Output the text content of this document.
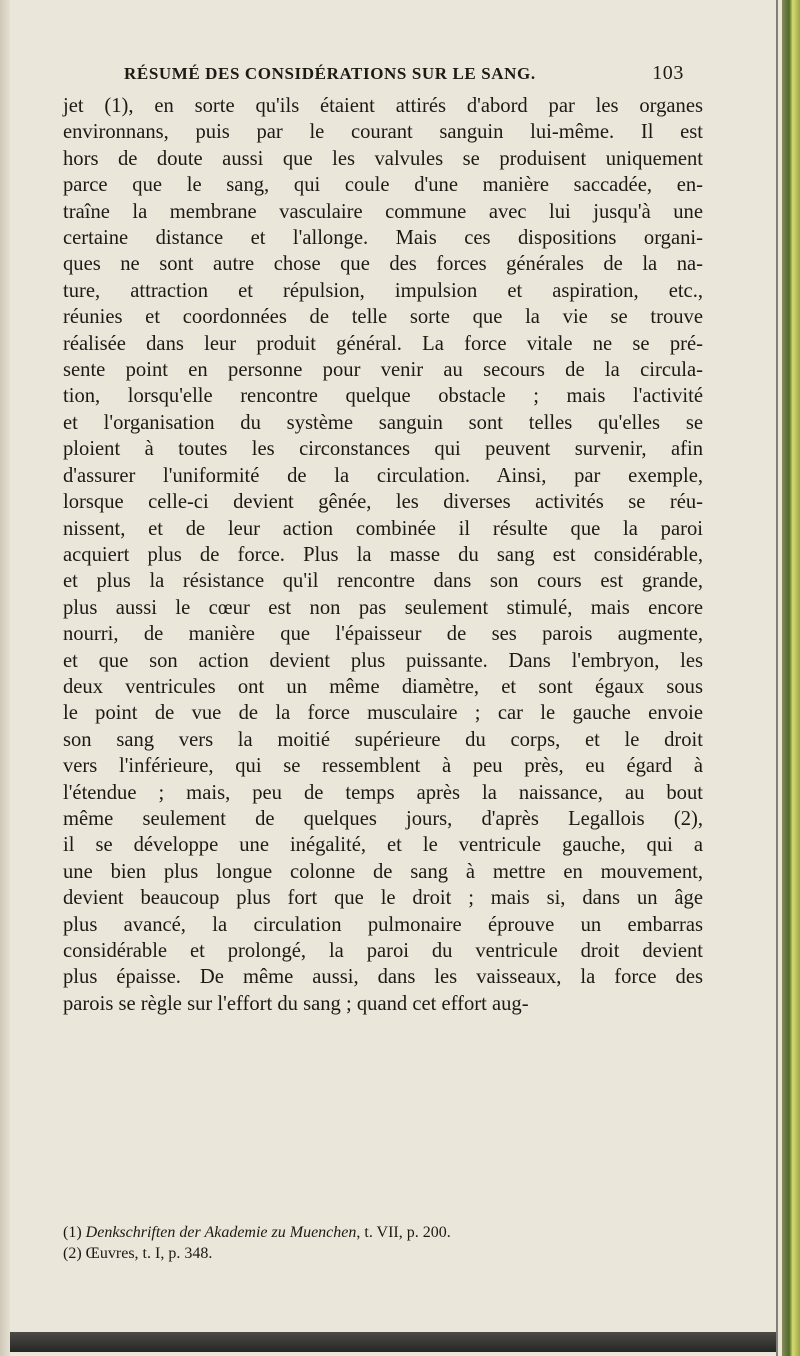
RÉSUMÉ DES CONSIDÉRATIONS SUR LE SANG.	103
jet (1), en sorte qu'ils étaient attirés d'abord par les organes
environnans, puis par le courant sanguin lui-même. Il est
hors de doute aussi que les valvules se produisent uniquement
parce que le sang, qui coule d'une manière saccadée, en-
traîne la membrane vasculaire commune avec lui jusqu'à une
certaine distance et l'allonge. Mais ces dispositions organi-
ques ne sont autre chose que des forces générales de la na-
ture, attraction et répulsion, impulsion et aspiration, etc.,
réunies et coordonnées de telle sorte que la vie se trouve
réalisée dans leur produit général. La force vitale ne se pré-
sente point en personne pour venir au secours de la circula-
tion, lorsqu'elle rencontre quelque obstacle ; mais l'activité
et l'organisation du système sanguin sont telles qu'elles se
ploient à toutes les circonstances qui peuvent survenir, afin
d'assurer l'uniformité de la circulation. Ainsi, par exemple,
lorsque celle-ci devient gênée, les diverses activités se réu-
nissent, et de leur action combinée il résulte que la paroi
acquiert plus de force. Plus la masse du sang est considérable,
et plus la résistance qu'il rencontre dans son cours est grande,
plus aussi le cœur est non pas seulement stimulé, mais encore
nourri, de manière que l'épaisseur de ses parois augmente,
et que son action devient plus puissante. Dans l'embryon, les
deux ventricules ont un même diamètre, et sont égaux sous
le point de vue de la force musculaire ; car le gauche envoie
son sang vers la moitié supérieure du corps, et le droit
vers l'inférieure, qui se ressemblent à peu près, eu égard à
l'étendue ; mais, peu de temps après la naissance, au bout
même seulement de quelques jours, d'après Legallois (2),
il se développe une inégalité, et le ventricule gauche, qui a
une bien plus longue colonne de sang à mettre en mouvement,
devient beaucoup plus fort que le droit ; mais si, dans un âge
plus avancé, la circulation pulmonaire éprouve un embarras
considérable et prolongé, la paroi du ventricule droit devient
plus épaisse. De même aussi, dans les vaisseaux, la force des
parois se règle sur l'effort du sang ; quand cet effort aug-
(1) Denkschriften der Akademie zu Muenchen, t. VII, p. 200.
(2) Œuvres, t. I, p. 348.
